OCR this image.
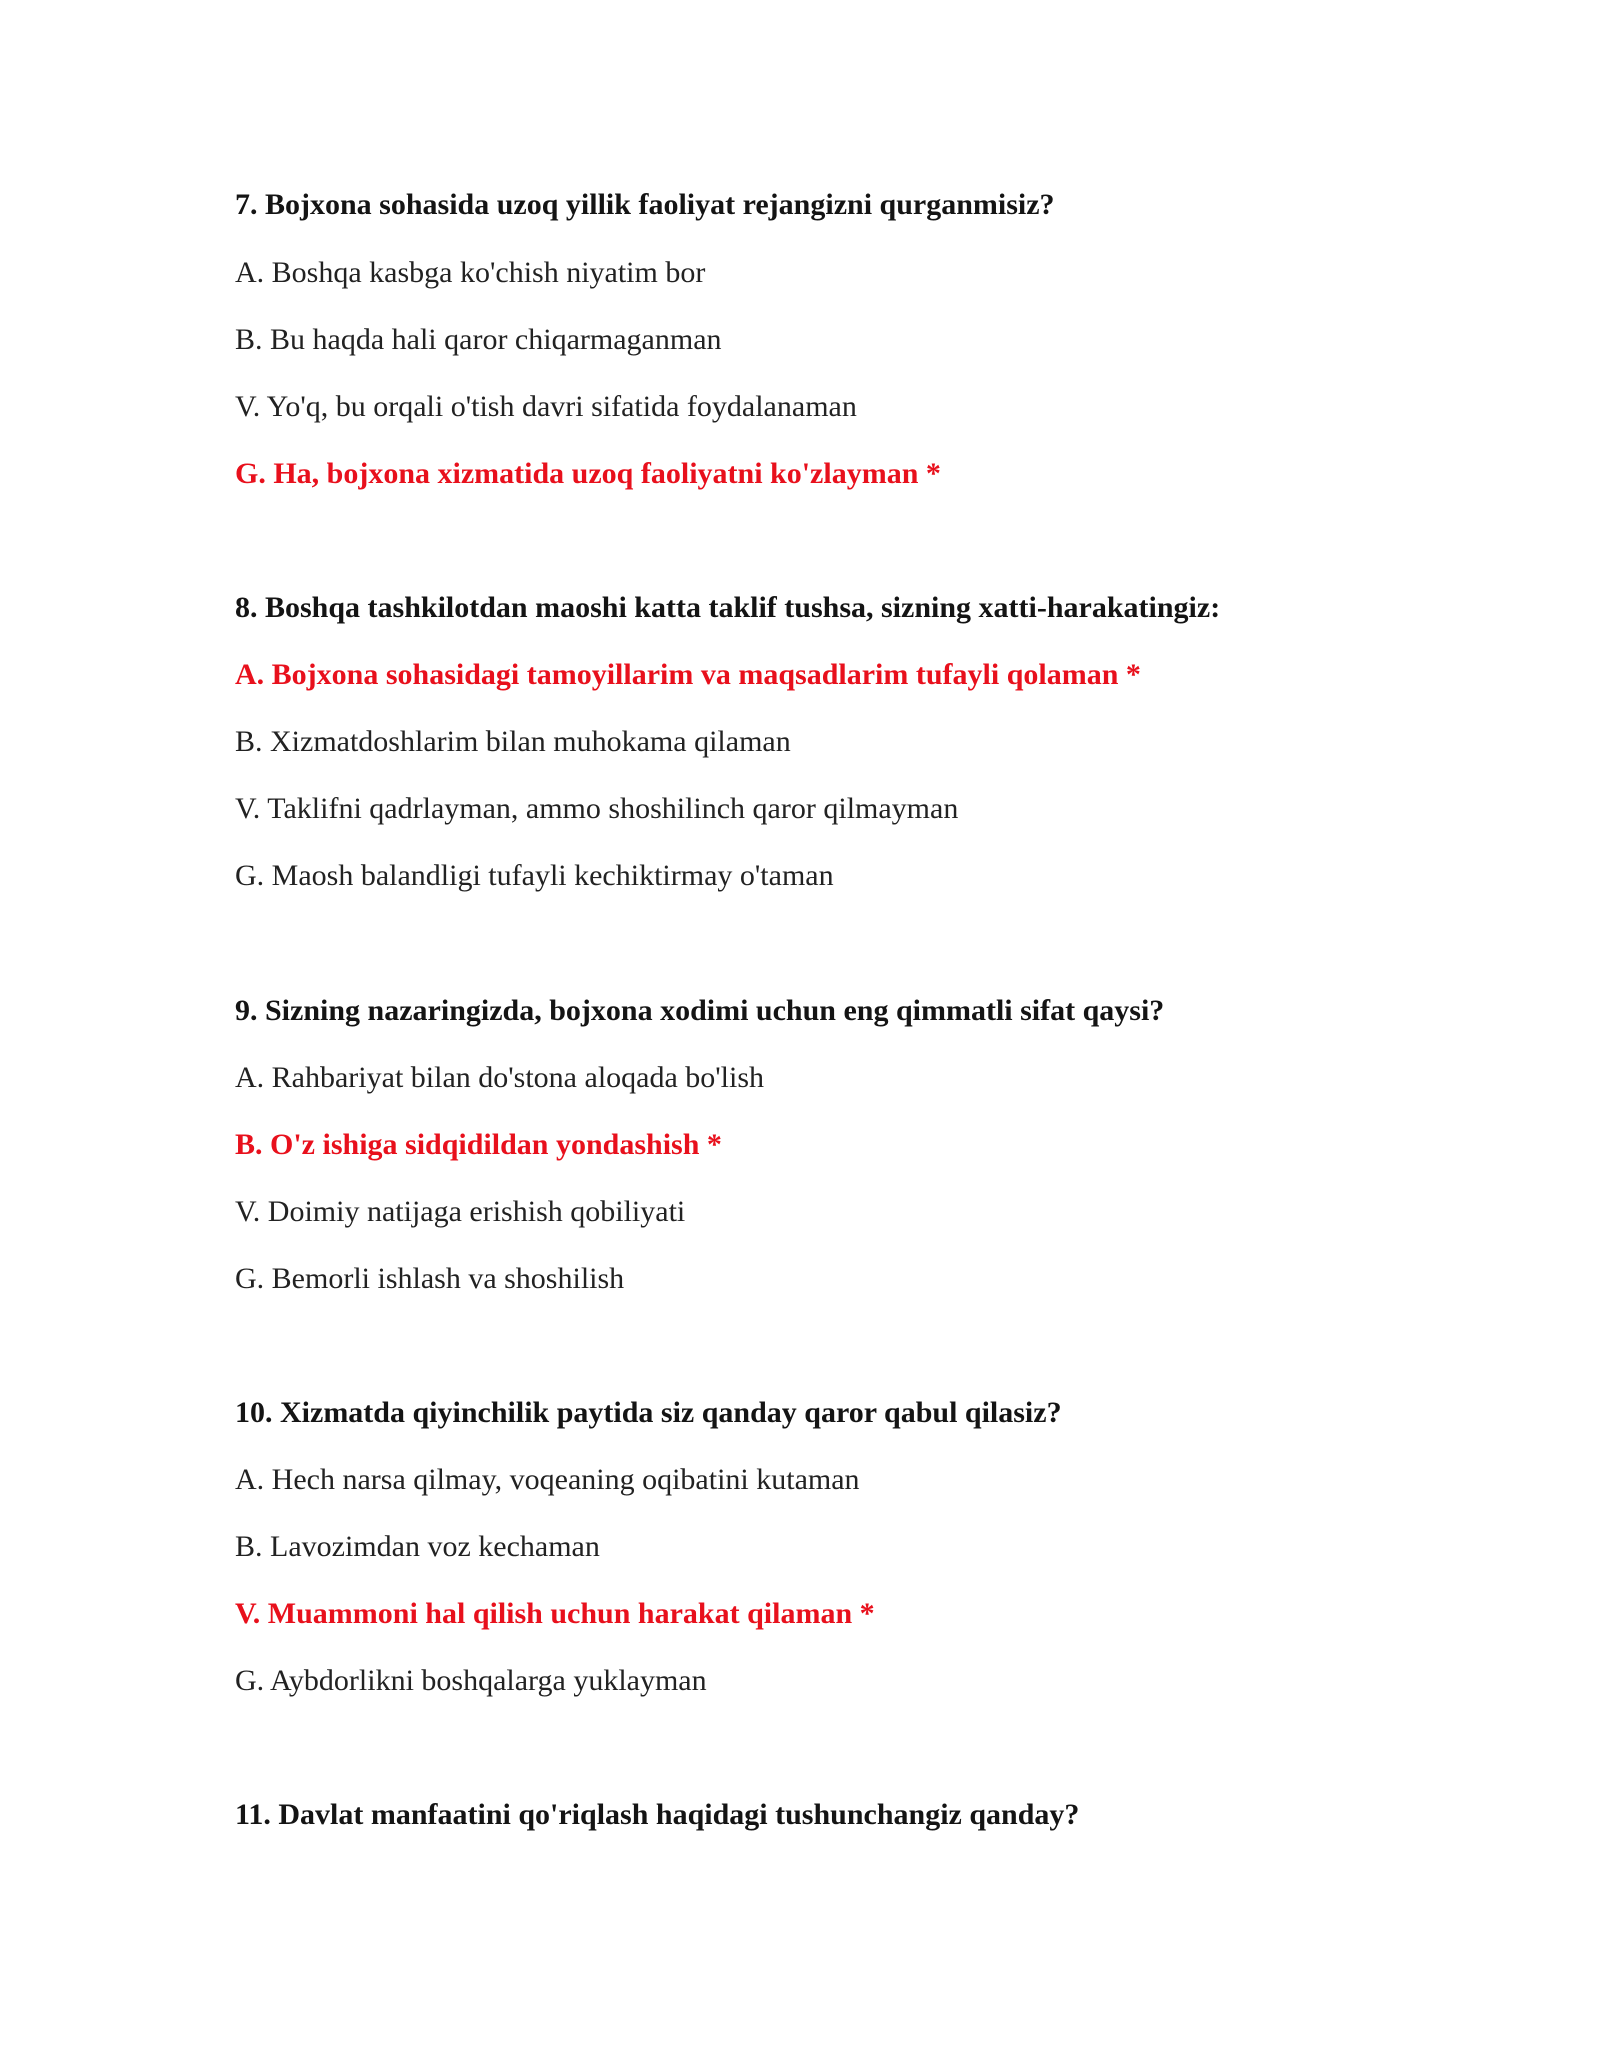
7. Bojxona sohasida uzoq yillik faoliyat rejangizni qurganmisiz?
A. Boshqa kasbga ko'chish niyatim bor
B. Bu haqda hali qaror chiqarmaganman
V. Yo'q, bu orqali o'tish davri sifatida foydalanaman
G. Ha, bojxona xizmatida uzoq faoliyatni ko'zlayman *
8. Boshqa tashkilotdan maoshi katta taklif tushsa, sizning xatti-harakatingiz:
A. Bojxona sohasidagi tamoyillarim va maqsadlarim tufayli qolaman *
B. Xizmatdoshlarim bilan muhokama qilaman
V. Taklifni qadrlayman, ammo shoshilinch qaror qilmayman
G. Maosh balandligi tufayli kechiktirmay o'taman
9. Sizning nazaringizda, bojxona xodimi uchun eng qimmatli sifat qaysi?
A. Rahbariyat bilan do'stona aloqada bo'lish
B. O'z ishiga sidqidildan yondashish *
V. Doimiy natijaga erishish qobiliyati
G. Bemorli ishlash va shoshilish
10. Xizmatda qiyinchilik paytida siz qanday qaror qabul qilasiz?
A. Hech narsa qilmay, voqeaning oqibatini kutaman
B. Lavozimdan voz kechaman
V. Muammoni hal qilish uchun harakat qilaman *
G. Aybdorlikni boshqalarga yuklayman
11. Davlat manfaatini qo'riqlash haqidagi tushunchangiz qanday?
